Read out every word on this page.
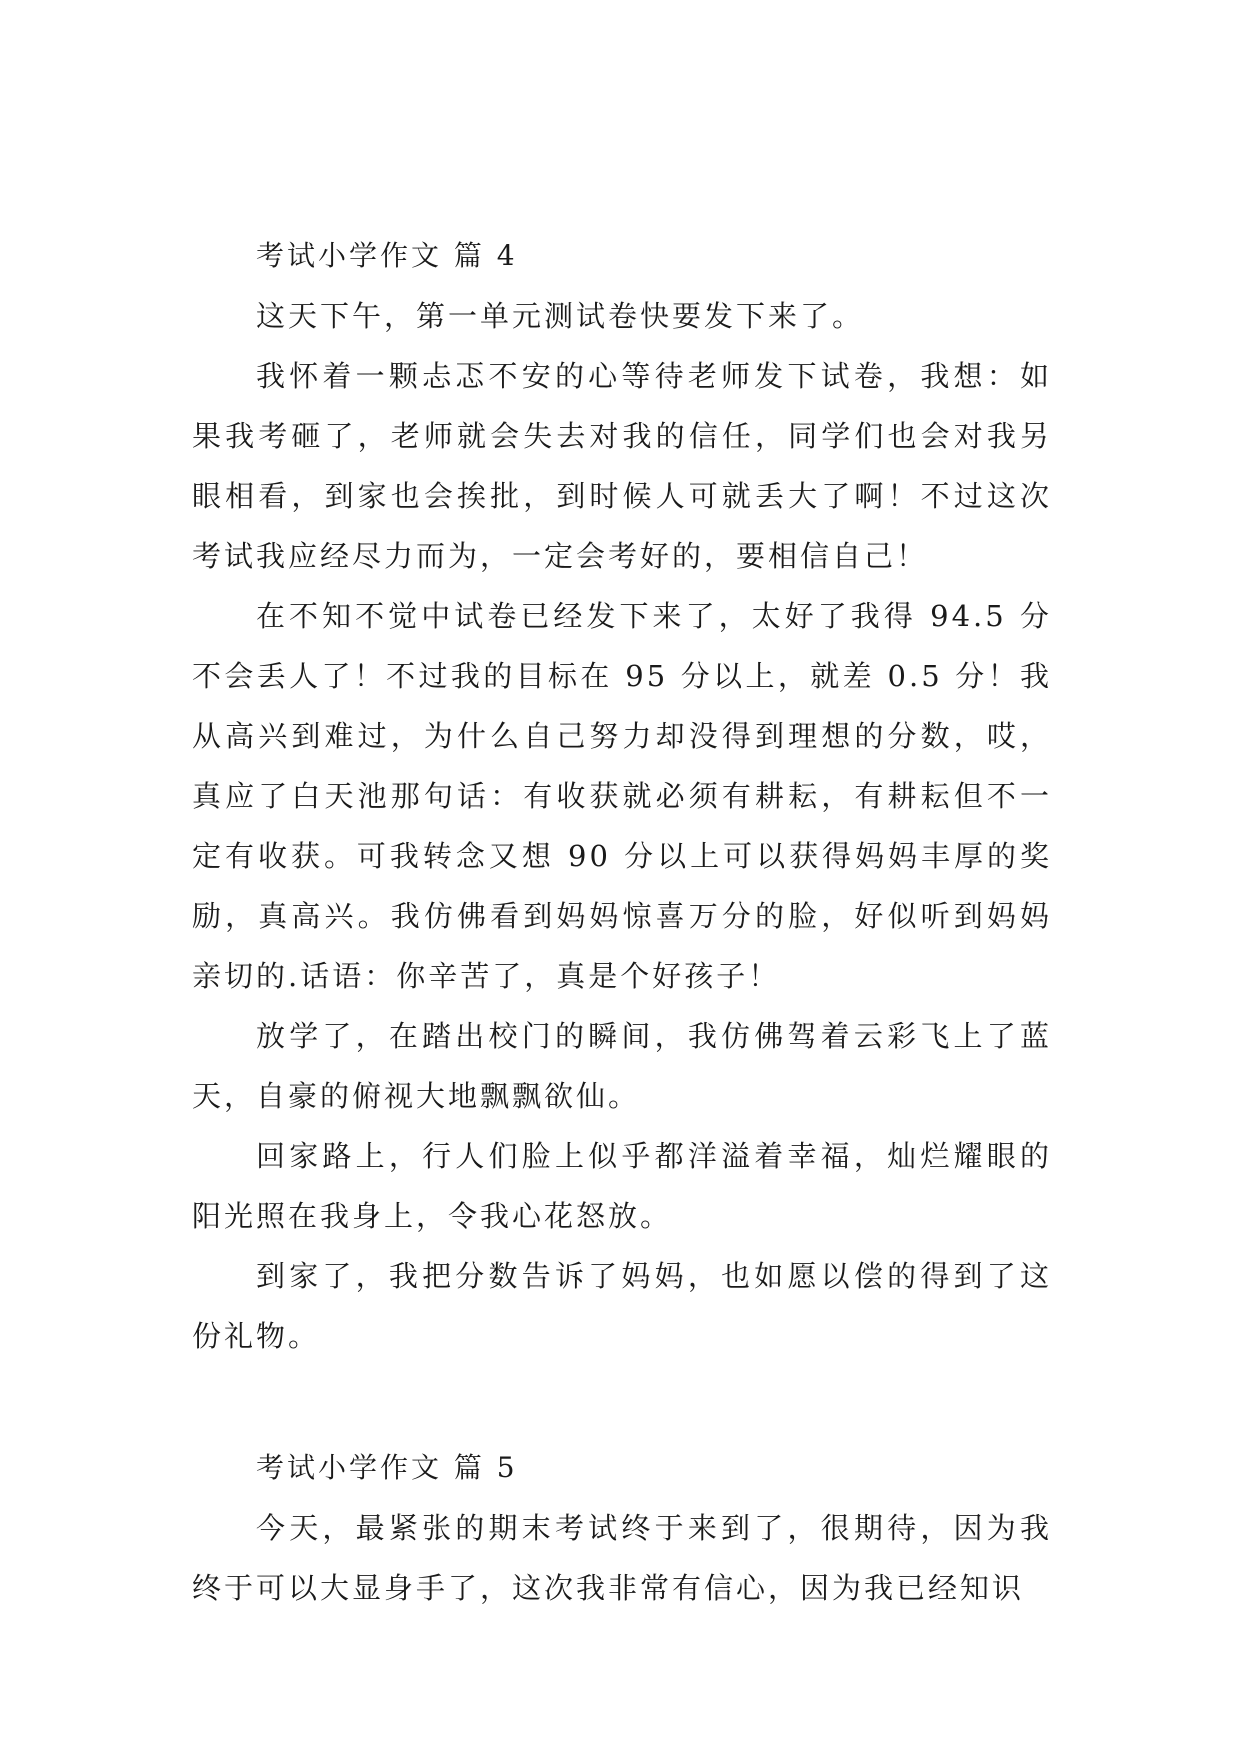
考试小学作文 篇 4

这天下午，第一单元测试卷快要发下来了。

我怀着一颗忐忑不安的心等待老师发下试卷，我想：如果我考砸了，老师就会失去对我的信任，同学们也会对我另眼相看，到家也会挨批，到时候人可就丢大了啊！不过这次考试我应经尽力而为，一定会考好的，要相信自己！

在不知不觉中试卷已经发下来了，太好了我得 94.5 分不会丢人了！不过我的目标在 95 分以上，就差 0.5 分！我从高兴到难过，为什么自己努力却没得到理想的分数，哎，真应了白天池那句话：有收获就必须有耕耘，有耕耘但不一定有收获。可我转念又想 90 分以上可以获得妈妈丰厚的奖励，真高兴。我仿佛看到妈妈惊喜万分的脸，好似听到妈妈亲切的.话语：你辛苦了，真是个好孩子！

放学了，在踏出校门的瞬间，我仿佛驾着云彩飞上了蓝天，自豪的俯视大地飘飘欲仙。

回家路上，行人们脸上似乎都洋溢着幸福，灿烂耀眼的阳光照在我身上，令我心花怒放。

到家了，我把分数告诉了妈妈，也如愿以偿的得到了这份礼物。

考试小学作文 篇 5

今天，最紧张的期末考试终于来到了，很期待，因为我终于可以大显身手了，这次我非常有信心，因为我已经知识
